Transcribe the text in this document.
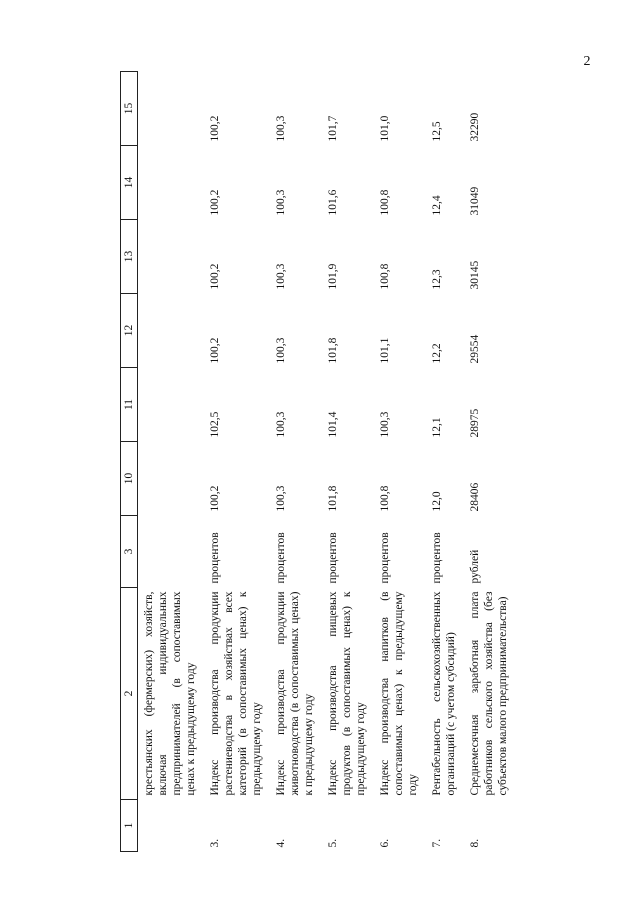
2
1	2	3	10	11	12	13	14	15
	крестьянских (фермерских) хозяйств, включая индивидуальных предпринимателей (в сопоставимых ценах к предыдущему году							
3.	Индекс производства продукции растениеводства в хозяйствах всех категорий (в сопоставимых ценах) к предыдущему году	процентов	100,2	102,5	100,2	100,2	100,2	100,2
4.	Индекс производства продукции животноводства (в сопоставимых ценах) к предыдущему году	процентов	100,3	100,3	100,3	100,3	100,3	100,3
5.	Индекс производства пищевых продуктов (в сопоставимых ценах) к предыдущему году	процентов	101,8	101,4	101,8	101,9	101,6	101,7
6.	Индекс производства напитков (в сопоставимых ценах) к предыдущему году	процентов	100,8	100,3	101,1	100,8	100,8	101,0
7.	Рентабельность сельскохозяйственных организаций (с учетом субсидий)	процентов	12,0	12,1	12,2	12,3	12,4	12,5
8.	Среднемесячная заработная плата работников сельского хозяйства (без субъектов малого предпринимательства)	рублей	28406	28975	29554	30145	31049	32290
